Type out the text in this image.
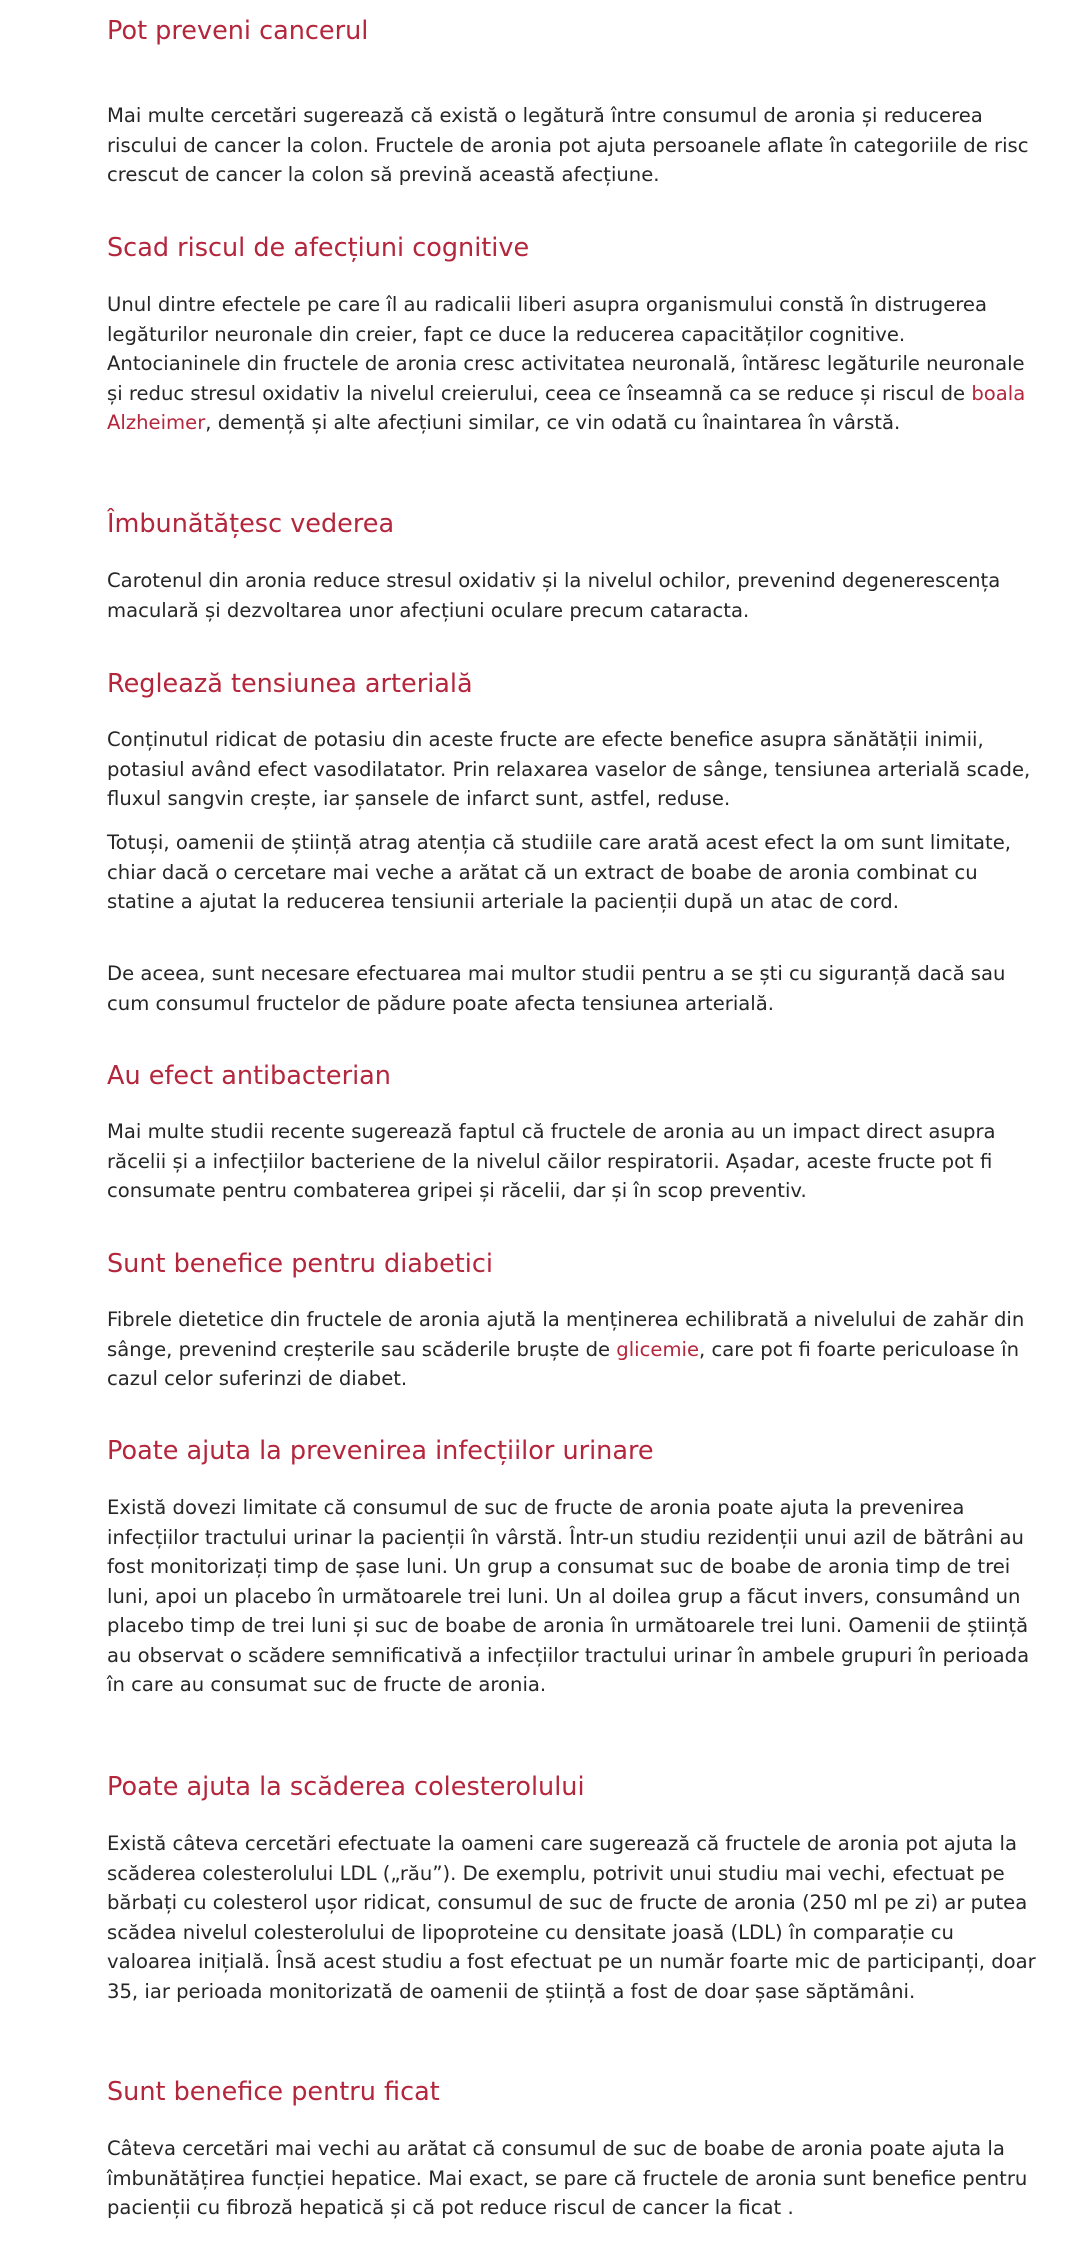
Pot preveni cancerul

Mai multe cercetări sugerează că există o legătură între consumul de aronia și reducerea riscului de cancer la colon. Fructele de aronia pot ajuta persoanele aflate în categoriile de risc crescut de cancer la colon să prevină această afecțiune.

Scad riscul de afecțiuni cognitive

Unul dintre efectele pe care îl au radicalii liberi asupra organismului constă în distrugerea legăturilor neuronale din creier, fapt ce duce la reducerea capacităților cognitive. Antocianinele din fructele de aronia cresc activitatea neuronală, întăresc legăturile neuronale și reduc stresul oxidativ la nivelul creierului, ceea ce înseamnă ca se reduce și riscul de boala Alzheimer, demență și alte afecțiuni similar, ce vin odată cu înaintarea în vârstă.

Îmbunătățesc vederea

Carotenul din aronia reduce stresul oxidativ și la nivelul ochilor, prevenind degenerescența maculară și dezvoltarea unor afecțiuni oculare precum cataracta.

Reglează tensiunea arterială

Conținutul ridicat de potasiu din aceste fructe are efecte benefice asupra sănătății inimii, potasiul având efect vasodilatator. Prin relaxarea vaselor de sânge, tensiunea arterială scade, fluxul sangvin crește, iar șansele de infarct sunt, astfel, reduse.

Totuși, oamenii de știință atrag atenția că studiile care arată acest efect la om sunt limitate, chiar dacă o cercetare mai veche a arătat că un extract de boabe de aronia combinat cu statine a ajutat la reducerea tensiunii arteriale la pacienții după un atac de cord.

De aceea, sunt necesare efectuarea mai multor studii pentru a se ști cu siguranță dacă sau cum consumul fructelor de pădure poate afecta tensiunea arterială.

Au efect antibacterian

Mai multe studii recente sugerează faptul că fructele de aronia au un impact direct asupra răcelii și a infecțiilor bacteriene de la nivelul căilor respiratorii. Așadar, aceste fructe pot fi consumate pentru combaterea gripei și răcelii, dar și în scop preventiv.

Sunt benefice pentru diabetici

Fibrele dietetice din fructele de aronia ajută la menținerea echilibrată a nivelului de zahăr din sânge, prevenind creșterile sau scăderile bruște de glicemie, care pot fi foarte periculoase în cazul celor suferinzi de diabet.

Poate ajuta la prevenirea infecțiilor urinare

Există dovezi limitate că consumul de suc de fructe de aronia poate ajuta la prevenirea infecțiilor tractului urinar la pacienții în vârstă. Într-un studiu rezidenții unui azil de bătrâni au fost monitorizați timp de șase luni. Un grup a consumat suc de boabe de aronia timp de trei luni, apoi un placebo în următoarele trei luni. Un al doilea grup a făcut invers, consumând un placebo timp de trei luni și suc de boabe de aronia în următoarele trei luni. Oamenii de știință au observat o scădere semnificativă a infecțiilor tractului urinar în ambele grupuri în perioada în care au consumat suc de fructe de aronia.

Poate ajuta la scăderea colesterolului

Există câteva cercetări efectuate la oameni care sugerează că fructele de aronia pot ajuta la scăderea colesterolului LDL („rău”). De exemplu, potrivit unui studiu mai vechi, efectuat pe bărbați cu colesterol ușor ridicat, consumul de suc de fructe de aronia (250 ml pe zi) ar putea scădea nivelul colesterolului de lipoproteine cu densitate joasă (LDL) în comparație cu valoarea inițială. Însă acest studiu a fost efectuat pe un număr foarte mic de participanți, doar 35, iar perioada monitorizată de oamenii de știință a fost de doar șase săptămâni.

Sunt benefice pentru ficat

Câteva cercetări mai vechi au arătat că consumul de suc de boabe de aronia poate ajuta la îmbunătățirea funcției hepatice. Mai exact, se pare că fructele de aronia sunt benefice pentru pacienții cu fibroză hepatică și că pot reduce riscul de cancer la ficat .
